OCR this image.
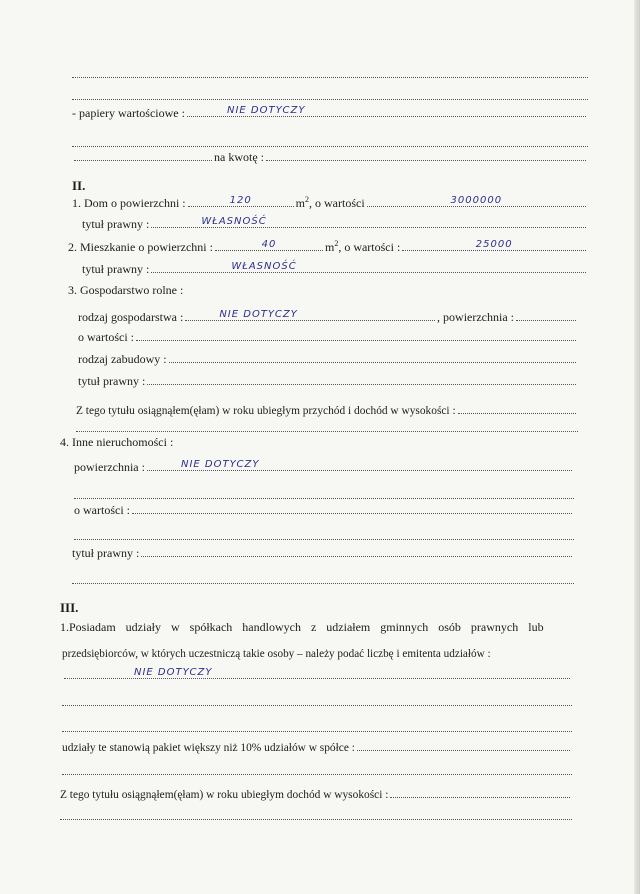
- papiery wartościowe :	NIE DOTYCZY
na kwotę :
II.
1. Dom o powierzchni :	120	$m^2$ , o wartości	3000000
tytuł prawny :	WŁASNOŚĆ
2. Mieszkanie o powierzchni :	40	$m^2$ , o wartości :	25000
tytuł prawny :	WŁASNOŚĆ
3. Gospodarstwo rolne :
rodzaj gospodarstwa :	NIE DOTYCZY	, powierzchnia :
o wartości :
rodzaj zabudowy :
tytuł prawny :
Z tego tytułu osiągnąłem(ęłam) w roku ubiegłym przychód i dochód w wysokości :
4. Inne nieruchomości :
powierzchnia :	NIE DOTYCZY
o wartości :
tytuł prawny :
III.
1.Posiadam udziały w spółkach handlowych z udziałem gminnych osób prawnych lub
przedsiębiorców, w których uczestniczą takie osoby – należy podać liczbę i emitenta udziałów :
NIE DOTYCZY
udziały te stanowią pakiet większy niż 10% udziałów w spółce :
Z tego tytułu osiągnąłem(ęłam) w roku ubiegłym dochód w wysokości :
